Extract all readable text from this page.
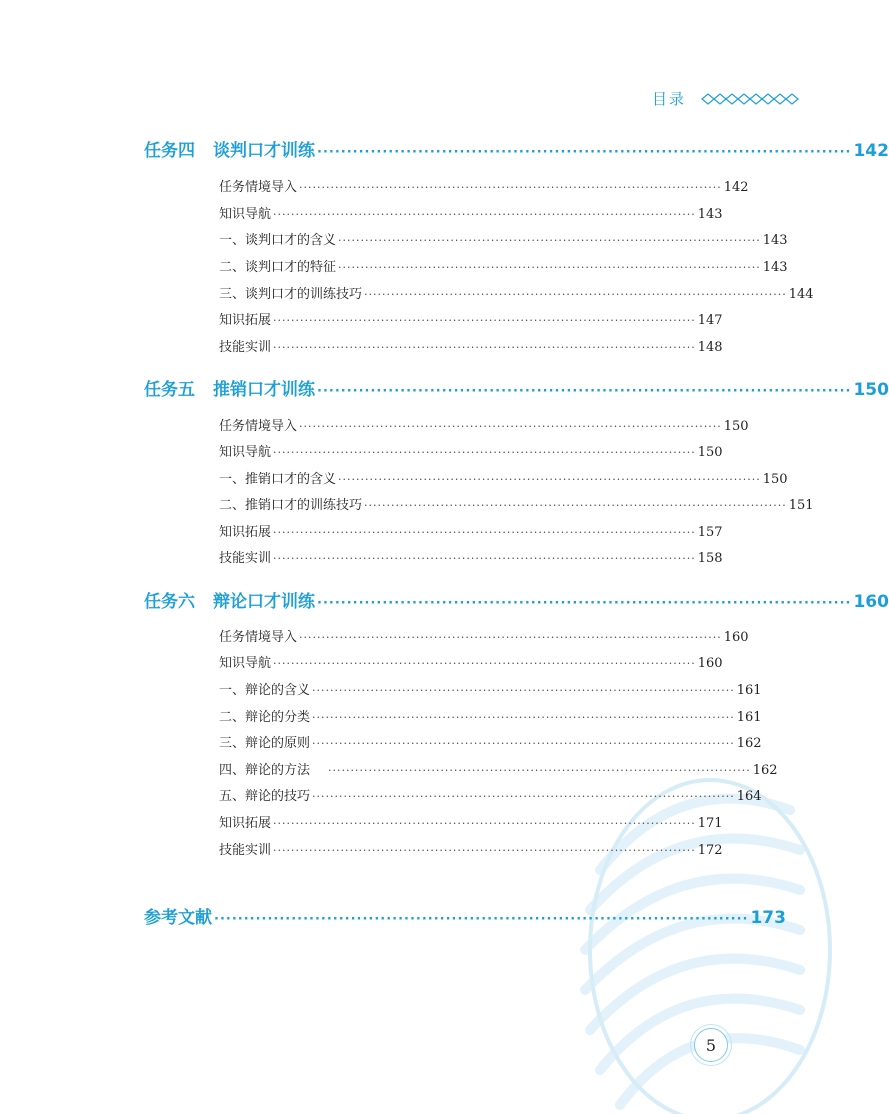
目录
任务四 谈判口才训练 ·························································································· 142
任务情境导入 ······························································································ 142
知识导航 ······························································································ 143
一、谈判口才的含义 ······························································································ 143
二、谈判口才的特征 ······························································································ 143
三、谈判口才的训练技巧 ······························································································ 144
知识拓展 ······························································································ 147
技能实训 ······························································································ 148
任务五 推销口才训练 ·························································································· 150
任务情境导入 ······························································································ 150
知识导航 ······························································································ 150
一、推销口才的含义 ······························································································ 150
二、推销口才的训练技巧 ······························································································ 151
知识拓展 ······························································································ 157
技能实训 ······························································································ 158
任务六 辩论口才训练 ·························································································· 160
任务情境导入 ······························································································ 160
知识导航 ······························································································ 160
一、辩论的含义 ······························································································ 161
二、辩论的分类 ······························································································ 161
三、辩论的原则 ······························································································ 162
四、辩论的方法 ······························································································ 162
五、辩论的技巧 ······························································································ 164
知识拓展 ······························································································ 171
技能实训 ······························································································ 172
参考文献 ·························································································· 173
5
